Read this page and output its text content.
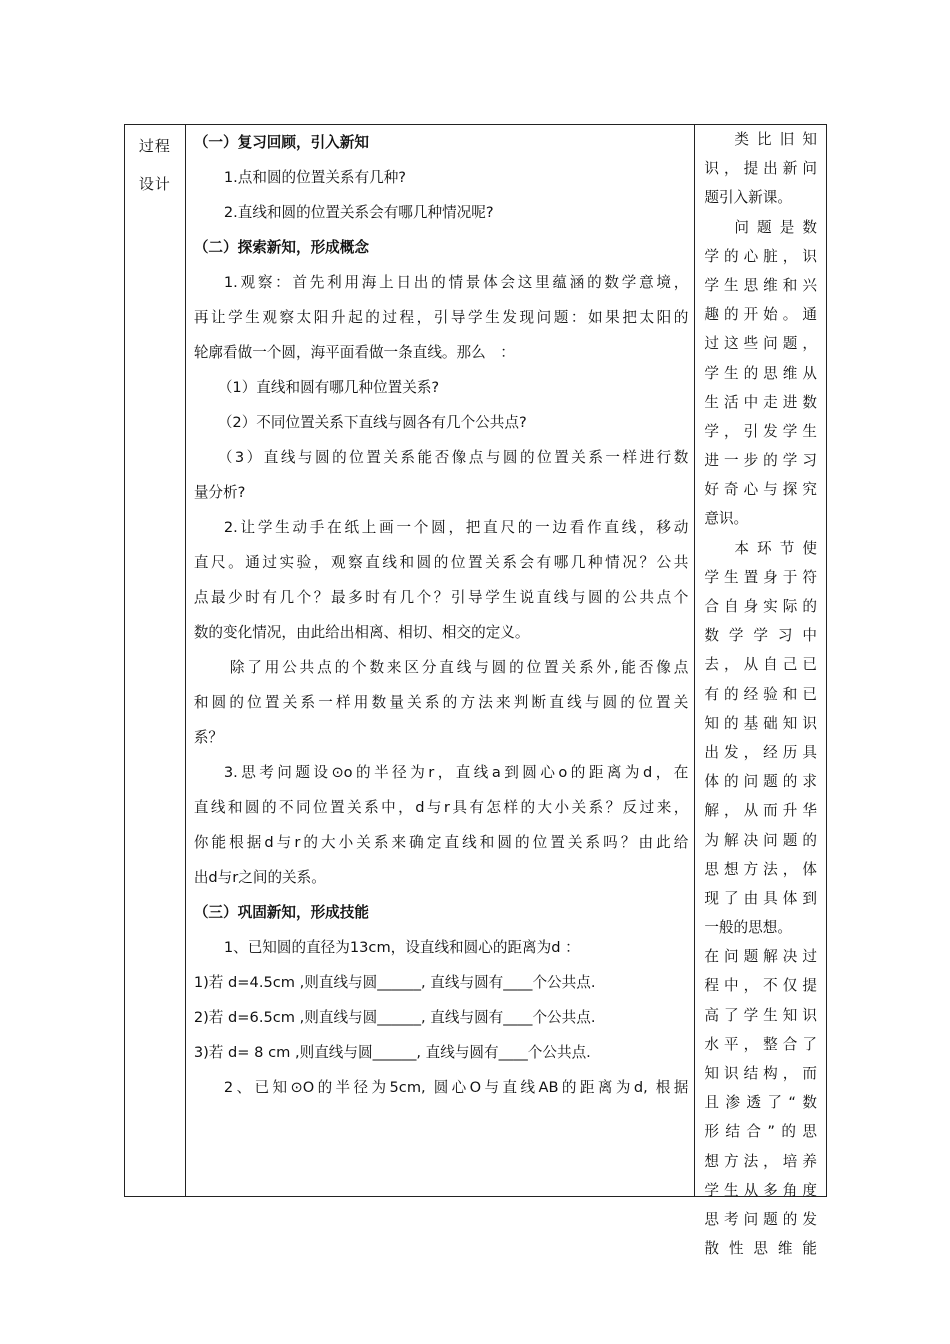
过程
设计
（一）复习回顾，引入新知
1.点和圆的位置关系有几种?
2.直线和圆的位置关系会有哪几种情况呢?
（二）探索新知，形成概念
1.观察：首先利用海上日出的情景体会这里蕴涵的数学意境，
再让学生观察太阳升起的过程，引导学生发现问题：如果把太阳的
轮廓看做一个圆，海平面看做一条直线。那么　：
（1）直线和圆有哪几种位置关系?
（2）不同位置关系下直线与圆各有几个公共点?
（3）直线与圆的位置关系能否像点与圆的位置关系一样进行数
量分析?
2.让学生动手在纸上画一个圆，把直尺的一边看作直线，移动
直尺。通过实验，观察直线和圆的位置关系会有哪几种情况？公共
点最少时有几个？最多时有几个？引导学生说直线与圆的公共点个
数的变化情况，由此给出相离、相切、相交的定义。
除了用公共点的个数来区分直线与圆的位置关系外,能否像点
和圆的位置关系一样用数量关系的方法来判断直线与圆的位置关
系？
3.思考问题设⊙o的半径为r，直线a到圆心o的距离为d，在
直线和圆的不同位置关系中，d与r具有怎样的大小关系？反过来，
你能根据d与r的大小关系来确定直线和圆的位置关系吗？由此给
出d与r之间的关系。
（三）巩固新知，形成技能
1、已知圆的直径为13cm，设直线和圆心的距离为d ：
1)若 d=4.5cm ,则直线与圆______, 直线与圆有____个公共点.
2)若 d=6.5cm ,则直线与圆______, 直线与圆有____个公共点.
3)若 d= 8 cm ,则直线与圆______, 直线与圆有____个公共点.
2、已知⊙O的半径为5cm, 圆心O与直线AB的距离为d, 根据
类比旧知
识，提出新问
题引入新课。
问题是数
学的心脏，识
学生思维和兴
趣的开始。通
过这些问题，
学生的思维从
生活中走进数
学，引发学生
进一步的学习
好奇心与探究
意识。
本环节使
学生置身于符
合自身实际的
数学学习中
去，从自己已
有的经验和已
知的基础知识
出发，经历具
体的问题的求
解，从而升华
为解决问题的
思想方法，体
现了由具体到
一般的思想。
在问题解决过
程中，不仅提
高了学生知识
水平，整合了
知识结构，而
且渗透了“数
形结合”的思
想方法，培养
学生从多角度
思考问题的发
散性思维能
